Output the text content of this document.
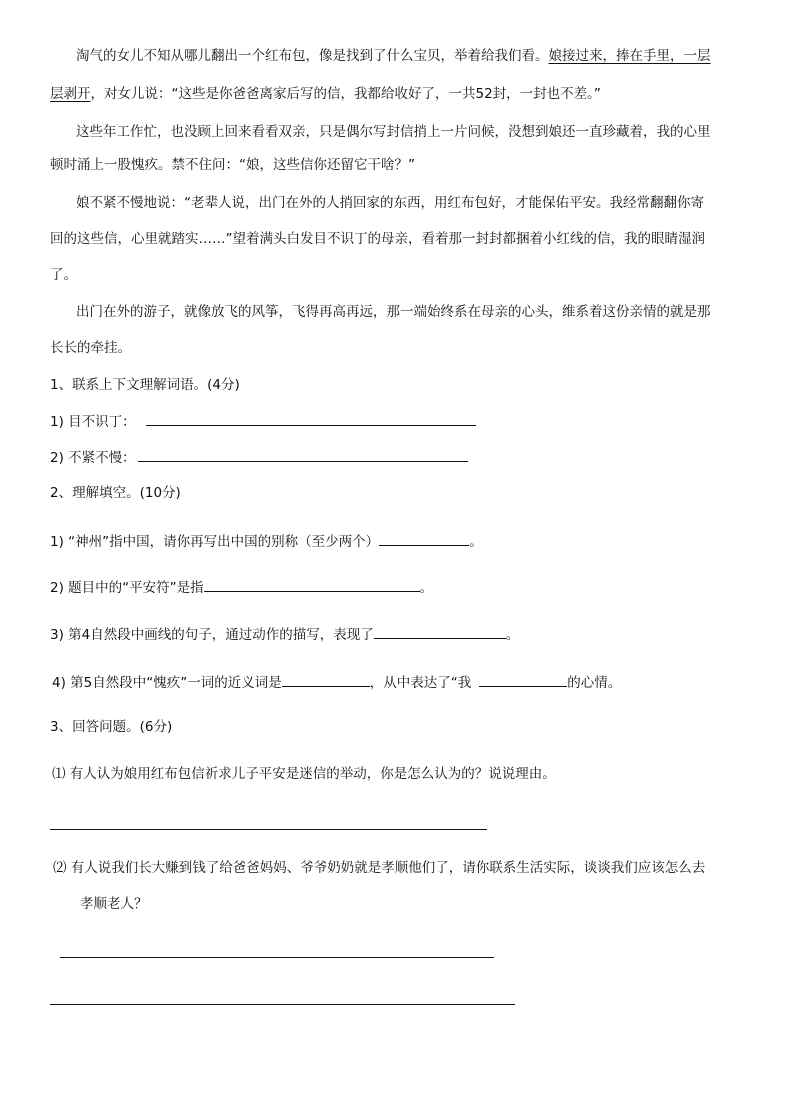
淘气的女儿不知从哪儿翻出一个红布包，像是找到了什么宝贝，举着给我们看。娘接过来，捧在手里，一层
层剥开，对女儿说：“这些是你爸爸离家后写的信，我都给收好了，一共52封，一封也不差。”
这些年工作忙，也没顾上回来看看双亲，只是偶尔写封信捎上一片问候，没想到娘还一直珍藏着，我的心里
顿时涌上一股愧疚。禁不住问：“娘，这些信你还留它干啥？”
娘不紧不慢地说：“老辈人说，出门在外的人捎回家的东西，用红布包好，才能保佑平安。我经常翻翻你寄
回的这些信，心里就踏实……”望着满头白发目不识丁的母亲，看着那一封封都捆着小红线的信，我的眼睛湿润
了。
出门在外的游子，就像放飞的风筝，飞得再高再远，那一端始终系在母亲的心头，维系着这份亲情的就是那
长长的牵挂。
1、联系上下文理解词语。(4分)
1) 目不识丁：
2) 不紧不慢：
2、理解填空。(10分)
1) “神州”指中国，请你再写出中国的别称（至少两个）	。
2) 题目中的“平安符”是指	。
3) 第4自然段中画线的句子，通过动作的描写，表现了	。
4) 第5自然段中“愧疚”一词的近义词是	，从中表达了“我	的心情。
3、回答问题。(6分)
⑴ 有人认为娘用红布包信祈求儿子平安是迷信的举动，你是怎么认为的？说说理由。
⑵ 有人说我们长大赚到钱了给爸爸妈妈、爷爷奶奶就是孝顺他们了，请你联系生活实际，谈谈我们应该怎么去
孝顺老人？
